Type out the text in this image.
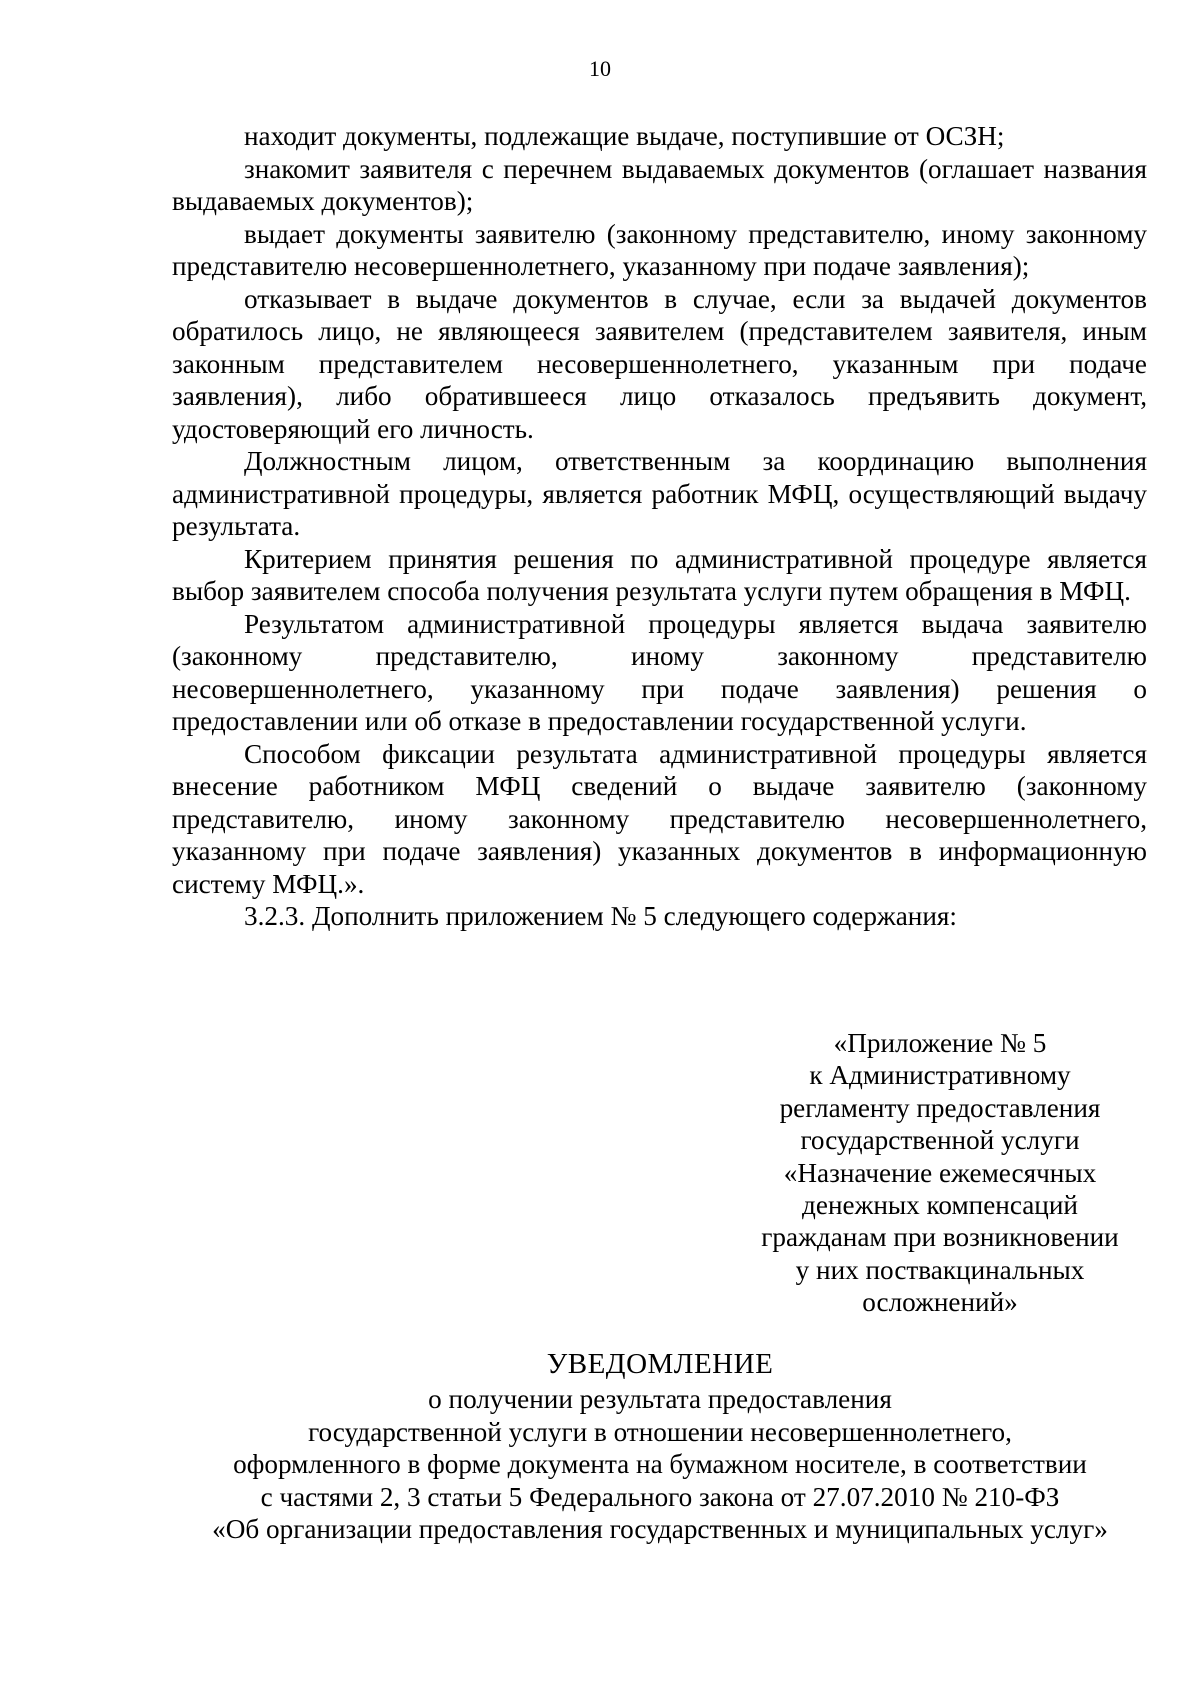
10

находит документы, подлежащие выдаче, поступившие от ОСЗН;

знакомит заявителя с перечнем выдаваемых документов (оглашает названия выдаваемых документов);

выдает документы заявителю (законному представителю, иному законному представителю несовершеннолетнего, указанному при подаче заявления);

отказывает в выдаче документов в случае, если за выдачей документов обратилось лицо, не являющееся заявителем (представителем заявителя, иным законным представителем несовершеннолетнего, указанным при подаче заявления), либо обратившееся лицо отказалось предъявить документ, удостоверяющий его личность.

Должностным лицом, ответственным за координацию выполнения административной процедуры, является работник МФЦ, осуществляющий выдачу результата.

Критерием принятия решения по административной процедуре является выбор заявителем способа получения результата услуги путем обращения в МФЦ.

Результатом административной процедуры является выдача заявителю (законному представителю, иному законному представителю несовершеннолетнего, указанному при подаче заявления) решения о предоставлении или об отказе в предоставлении государственной услуги.

Способом фиксации результата административной процедуры является внесение работником МФЦ сведений о выдаче заявителю (законному представителю, иному законному представителю несовершеннолетнего, указанному при подаче заявления) указанных документов в информационную систему МФЦ.».

3.2.3. Дополнить приложением № 5 следующего содержания:

«Приложение № 5
к Административному
регламенту предоставления
государственной услуги
«Назначение ежемесячных
денежных компенсаций
гражданам при возникновении
у них поствакцинальных
осложнений»
УВЕДОМЛЕНИЕ
о получении результата предоставления
государственной услуги в отношении несовершеннолетнего,
оформленного в форме документа на бумажном носителе, в соответствии
с частями 2, 3 статьи 5 Федерального закона от 27.07.2010 № 210-ФЗ
«Об организации предоставления государственных и муниципальных услуг»
